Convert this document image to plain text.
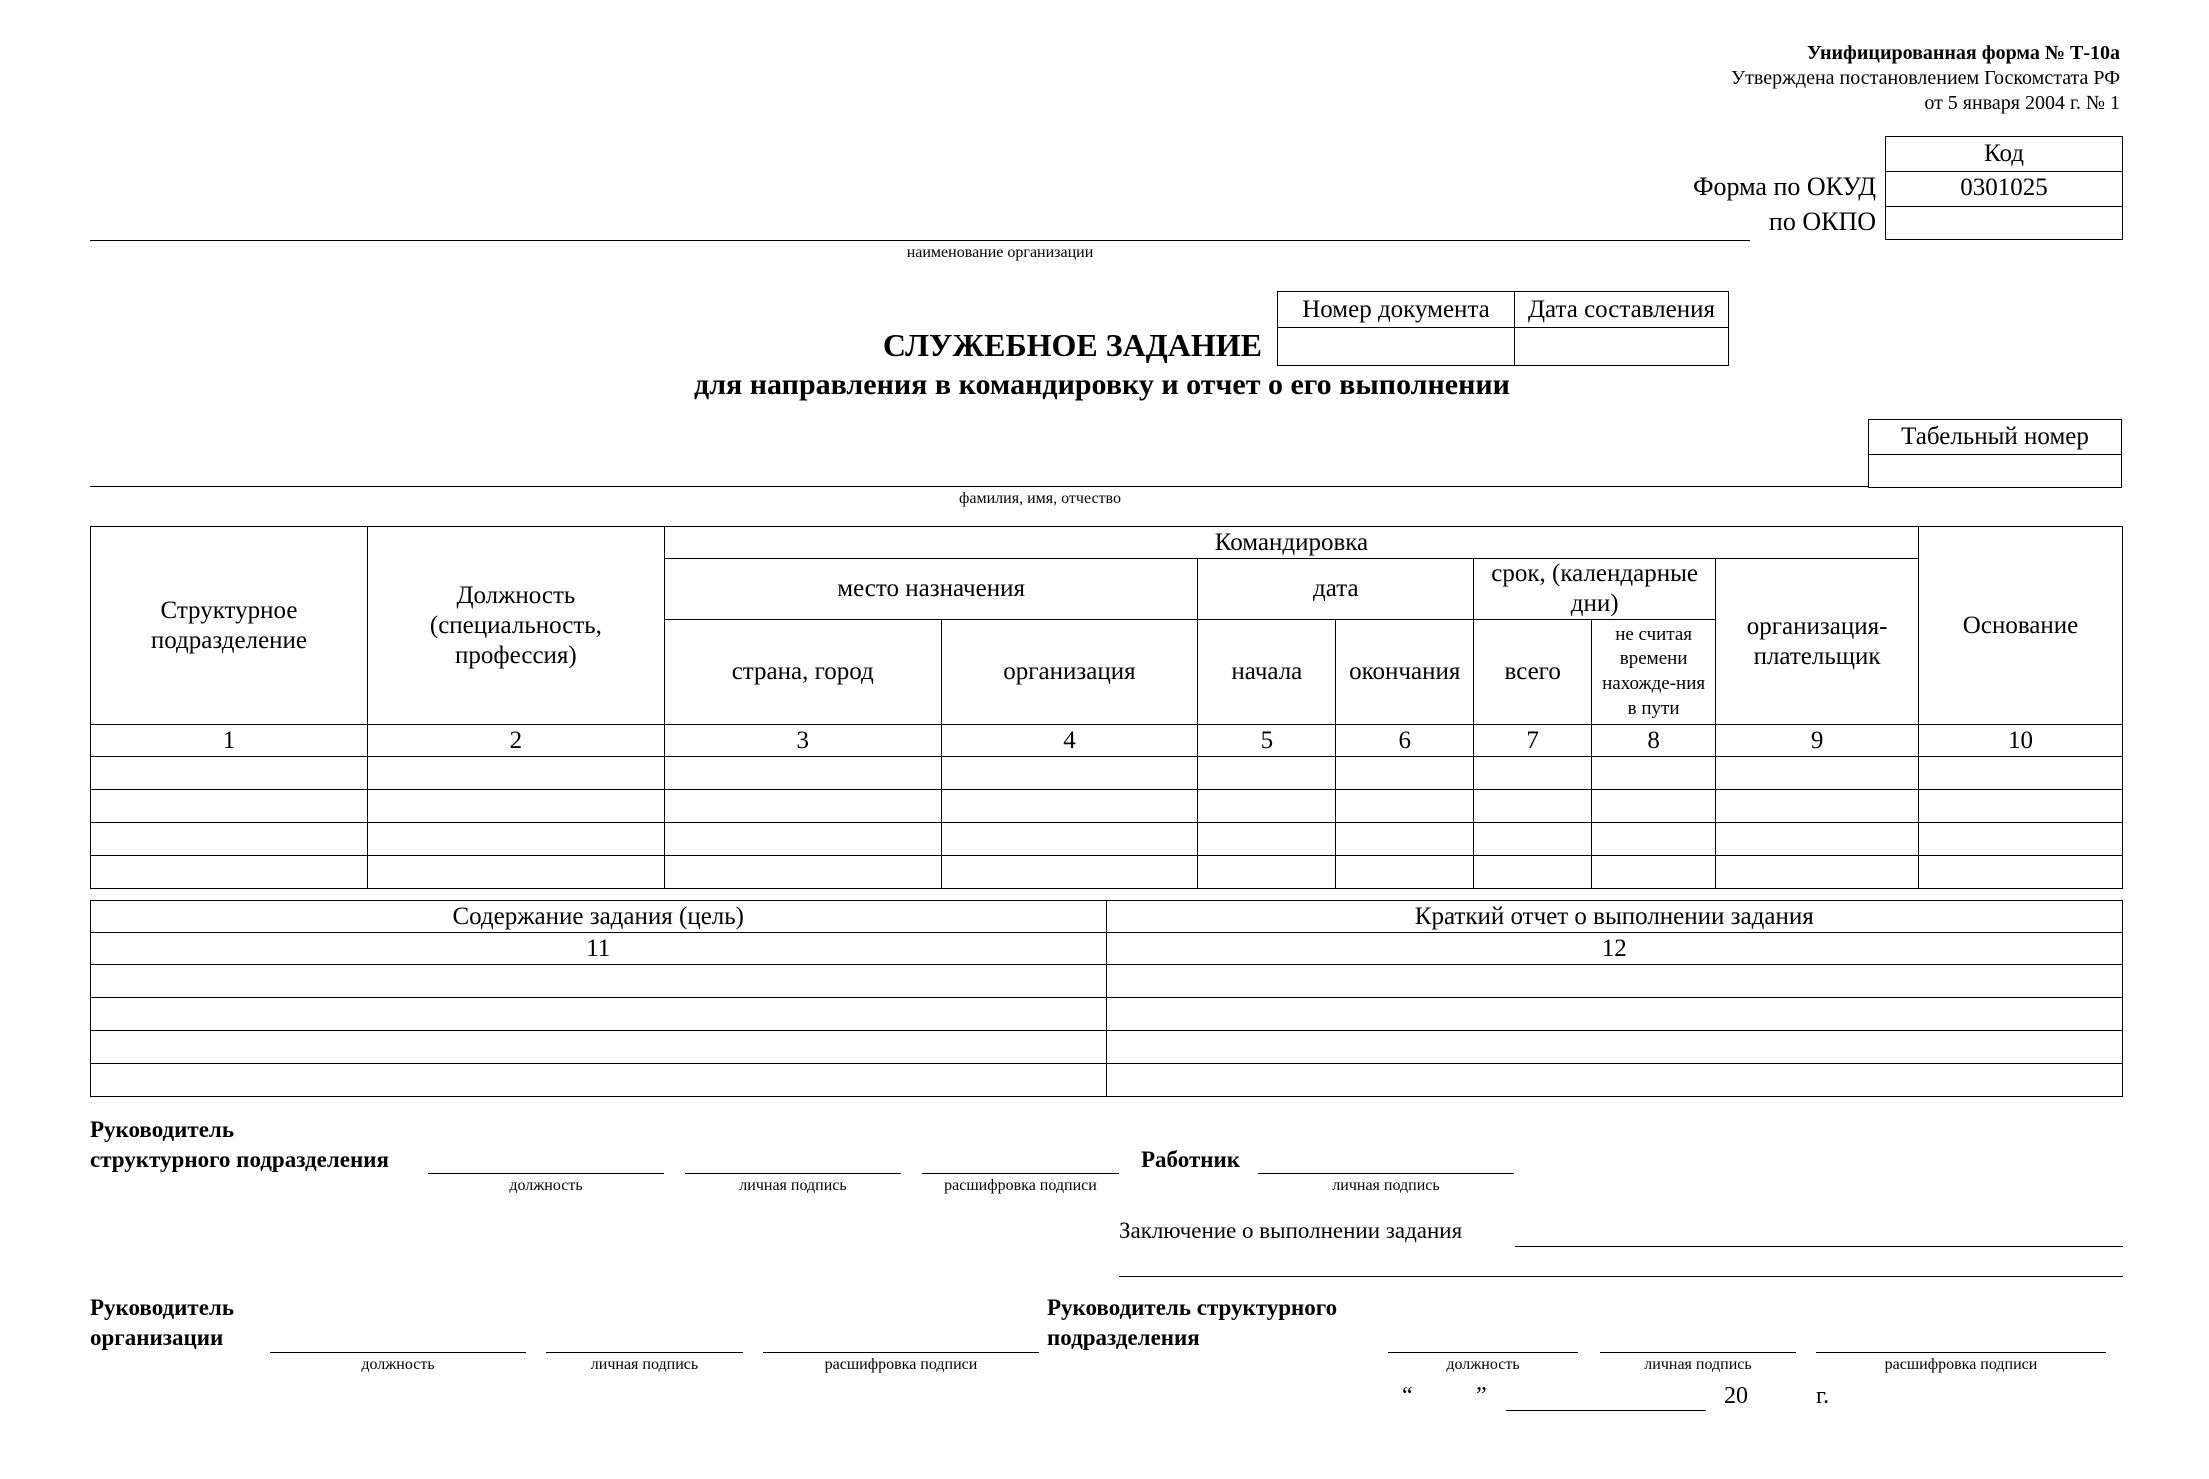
Унифицированная форма № Т-10а
Утверждена постановлением Госкомстата РФ
от 5 января 2004 г. № 1
Код
0301025
Форма по ОКУД
по ОКПО
наименование организации
Номер документа	Дата составления

СЛУЖЕБНОЕ ЗАДАНИЕ
для направления в командировку и отчет о его выполнении
Табельный номер

фамилия, имя, отчество
Структурное подразделение	Должность (специальность, профессия)	Командировка							Основание
		место назначения		дата		срок, (календарные дни)		организация-плательщик	
		страна, город	организация	начала	окончания	всего	не считая времени нахожде-ния в пути		
1	2	3	4	5	6	7	8	9	10

Содержание задания (цель)	Краткий отчет о выполнении задания
11	12

Руководитель
структурного подразделения
должность	личная подпись	расшифровка подписи
Работник
личная подпись
Заключение о выполнении задания
Руководитель
организации
должность	личная подпись	расшифровка подписи
Руководитель структурного
подразделения
должность	личная подпись	расшифровка подписи
“	”	20	г.
